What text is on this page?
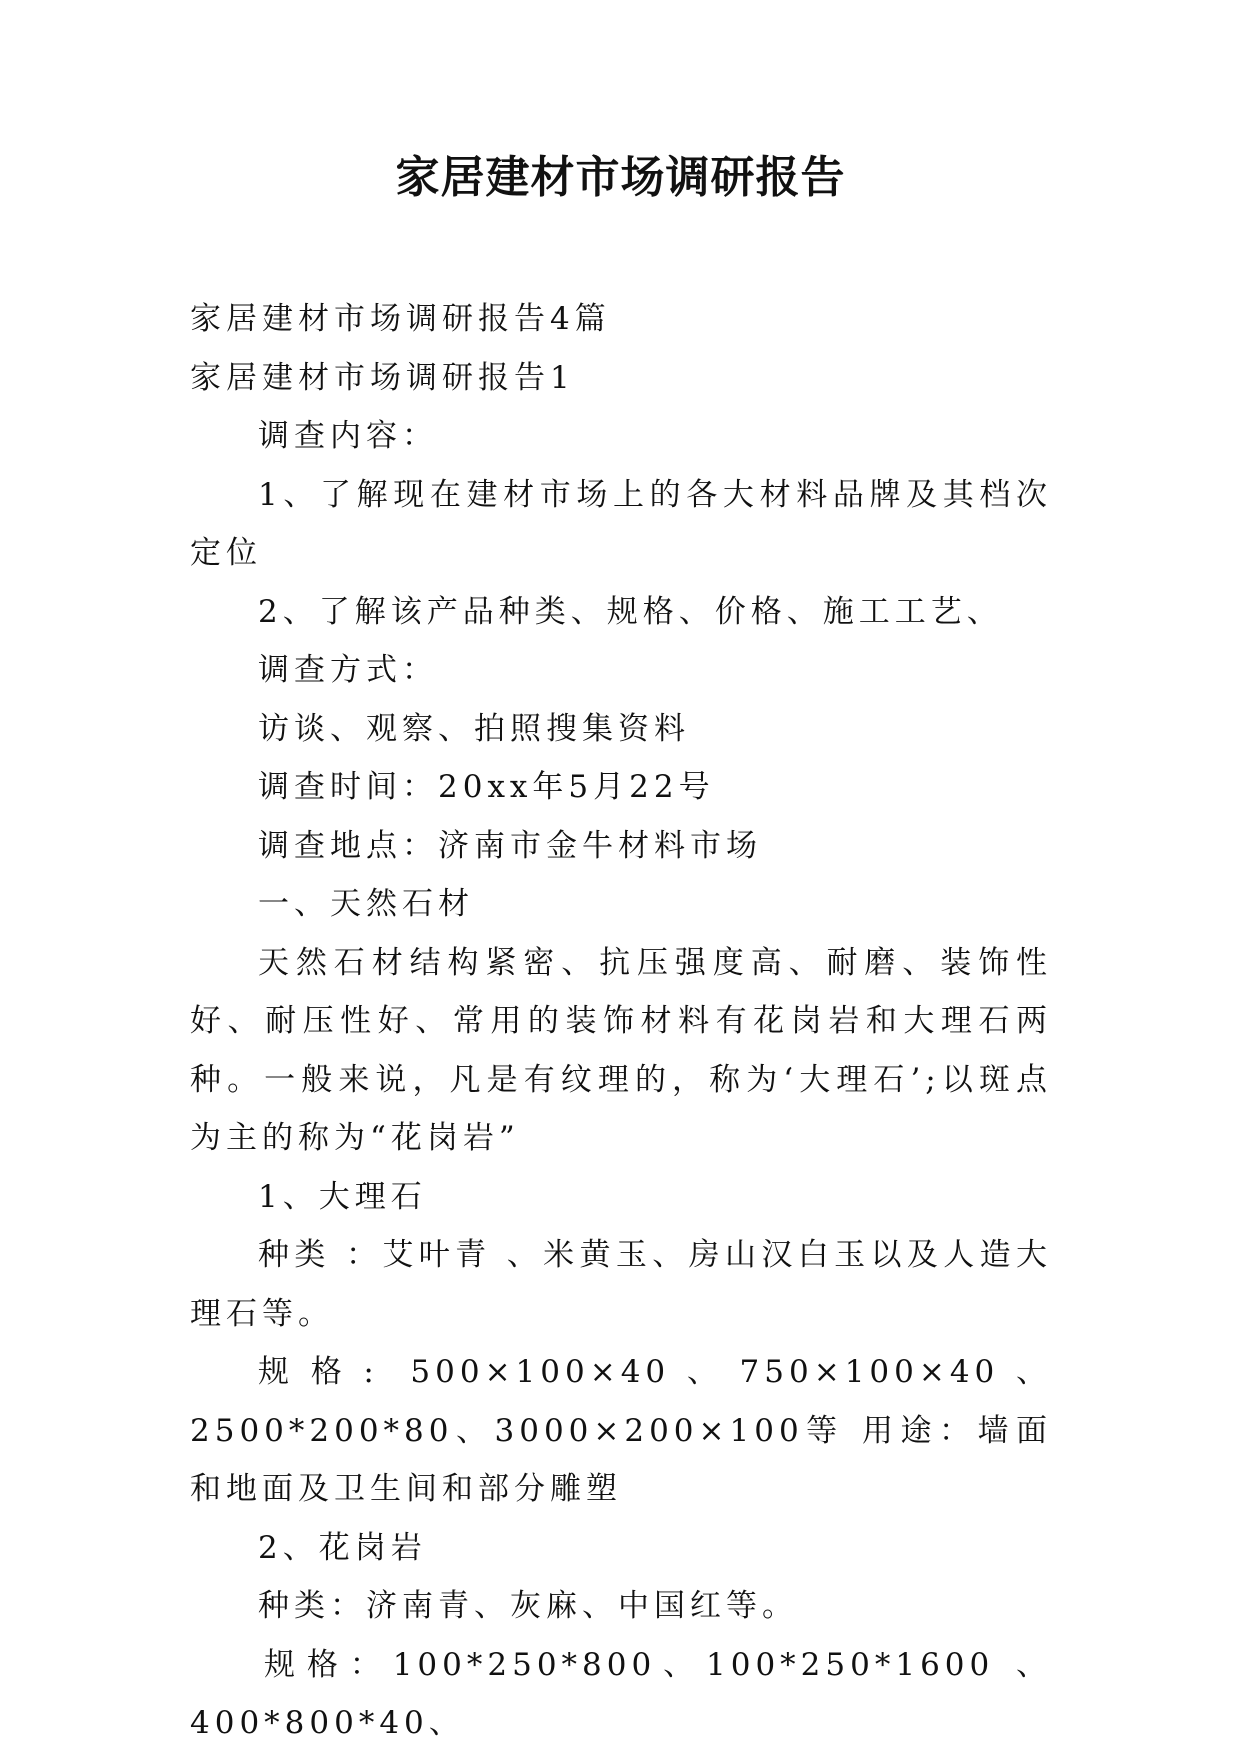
家居建材市场调研报告

家居建材市场调研报告4篇

家居建材市场调研报告1

调查内容：

1、了解现在建材市场上的各大材料品牌及其档次定位

2、了解该产品种类、规格、价格、施工工艺、

调查方式：

访谈、观察、拍照搜集资料

调查时间：20xx年5月22号

调查地点：济南市金牛材料市场

一、天然石材

天然石材结构紧密、抗压强度高、耐磨、装饰性好、耐压性好、常用的装饰材料有花岗岩和大理石两种。一般来说，凡是有纹理的，称为‘大理石’;以斑点为主的称为“花岗岩”

1、大理石

种类 ：艾叶青 、米黄玉、房山汉白玉以及人造大理石等。

规格: 500×100×40、750×100×40、2500*200*80、3000×200×100等 用途：墙面和地面及卫生间和部分雕塑

2、花岗岩

种类：济南青、灰麻、中国红等。

规格：100*250*800、100*250*1600 、400*800*40、
